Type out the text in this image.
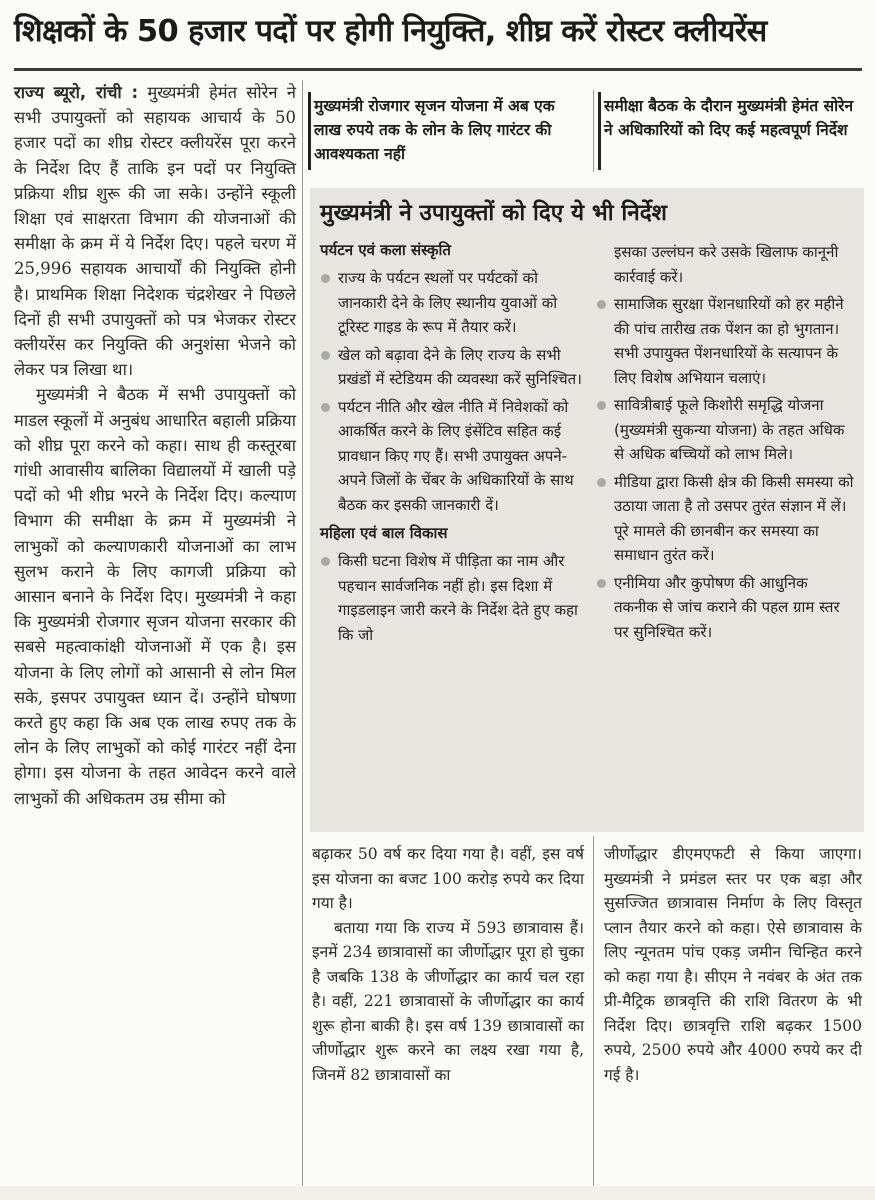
शिक्षकों के 50 हजार पदों पर होगी नियुक्ति, शीघ्र करें रोस्टर क्लीयरेंस

राज्य ब्यूरो, रांची : मुख्यमंत्री हेमंत सोरेन ने सभी उपायुक्तों को सहायक आचार्य के 50 हजार पदों का शीघ्र रोस्टर क्लीयरेंस पूरा करने के निर्देश दिए हैं ताकि इन पदों पर नियुक्ति प्रक्रिया शीघ्र शुरू की जा सके। उन्होंने स्कूली शिक्षा एवं साक्षरता विभाग की योजनाओं की समीक्षा के क्रम में ये निर्देश दिए। पहले चरण में 25,996 सहायक आचार्यों की नियुक्ति होनी है। प्राथमिक शिक्षा निदेशक चंद्रशेखर ने पिछले दिनों ही सभी उपायुक्तों को पत्र भेजकर रोस्टर क्लीयरेंस कर नियुक्ति की अनुशंसा भेजने को लेकर पत्र लिखा था।

मुख्यमंत्री ने बैठक में सभी उपायुक्तों को माडल स्कूलों में अनुबंध आधारित बहाली प्रक्रिया को शीघ्र पूरा करने को कहा। साथ ही कस्तूरबा गांधी आवासीय बालिका विद्यालयों में खाली पड़े पदों को भी शीघ्र भरने के निर्देश दिए। कल्याण विभाग की समीक्षा के क्रम में मुख्यमंत्री ने लाभुकों को कल्याणकारी योजनाओं का लाभ सुलभ कराने के लिए कागजी प्रक्रिया को आसान बनाने के निर्देश दिए। मुख्यमंत्री ने कहा कि मुख्यमंत्री रोजगार सृजन योजना सरकार की सबसे महत्वाकांक्षी योजनाओं में एक है। इस योजना के लिए लोगों को आसानी से लोन मिल सके, इसपर उपायुक्त ध्यान दें। उन्होंने घोषणा करते हुए कहा कि अब एक लाख रुपए तक के लोन के लिए लाभुकों को कोई गारंटर नहीं देना होगा। इस योजना के तहत आवेदन करने वाले लाभुकों की अधिकतम उम्र सीमा को

मुख्यमंत्री रोजगार सृजन योजना में अब एक लाख रुपये तक के लोन के लिए गारंटर की आवश्यकता नहीं
समीक्षा बैठक के दौरान मुख्यमंत्री हेमंत सोरेन ने अधिकारियों को दिए कई महत्वपूर्ण निर्देश
मुख्यमंत्री ने उपायुक्तों को दिए ये भी निर्देश
पर्यटन एवं कला संस्कृति
राज्य के पर्यटन स्थलों पर पर्यटकों को जानकारी देने के लिए स्थानीय युवाओं को टूरिस्ट गाइड के रूप में तैयार करें।
खेल को बढ़ावा देने के लिए राज्य के सभी प्रखंडों में स्टेडियम की व्यवस्था करें सुनिश्चित।
पर्यटन नीति और खेल नीति में निवेशकों को आकर्षित करने के लिए इंसेंटिव सहित कई प्रावधान किए गए हैं। सभी उपायुक्त अपने-अपने जिलों के चेंबर के अधिकारियों के साथ बैठक कर इसकी जानकारी दें।
महिला एवं बाल विकास
किसी घटना विशेष में पीड़िता का नाम और पहचान सार्वजनिक नहीं हो। इस दिशा में गाइडलाइन जारी करने के निर्देश देते हुए कहा कि जो
इसका उल्लंघन करे उसके खिलाफ कानूनी कार्रवाई करें।
सामाजिक सुरक्षा पेंशनधारियों को हर महीने की पांच तारीख तक पेंशन का हो भुगतान। सभी उपायुक्त पेंशनधारियों के सत्यापन के लिए विशेष अभियान चलाएं।
सावित्रीबाई फूले किशोरी समृद्धि योजना (मुख्यमंत्री सुकन्या योजना) के तहत अधिक से अधिक बच्चियों को लाभ मिले।
मीडिया द्वारा किसी क्षेत्र की किसी समस्या को उठाया जाता है तो उसपर तुरंत संज्ञान में लें। पूरे मामले की छानबीन कर समस्या का समाधान तुरंत करें।
एनीमिया और कुपोषण की आधुनिक तकनीक से जांच कराने की पहल ग्राम स्तर पर सुनिश्चित करें।

बढ़ाकर 50 वर्ष कर दिया गया है। वहीं, इस वर्ष इस योजना का बजट 100 करोड़ रुपये कर दिया गया है।

बताया गया कि राज्य में 593 छात्रावास हैं। इनमें 234 छात्रावासों का जीर्णोद्धार पूरा हो चुका है जबकि 138 के जीर्णोद्धार का कार्य चल रहा है। वहीं, 221 छात्रावासों के जीर्णोद्धार का कार्य शुरू होना बाकी है। इस वर्ष 139 छात्रावासों का जीर्णोद्धार शुरू करने का लक्ष्य रखा गया है, जिनमें 82 छात्रावासों का

जीर्णोद्धार डीएमएफटी से किया जाएगा। मुख्यमंत्री ने प्रमंडल स्तर पर एक बड़ा और सुसज्जित छात्रावास निर्माण के लिए विस्तृत प्लान तैयार करने को कहा। ऐसे छात्रावास के लिए न्यूनतम पांच एकड़ जमीन चिन्हित करने को कहा गया है। सीएम ने नवंबर के अंत तक प्री-मैट्रिक छात्रवृत्ति की राशि वितरण के भी निर्देश दिए। छात्रवृत्ति राशि बढ़कर 1500 रुपये, 2500 रुपये और 4000 रुपये कर दी गई है।
